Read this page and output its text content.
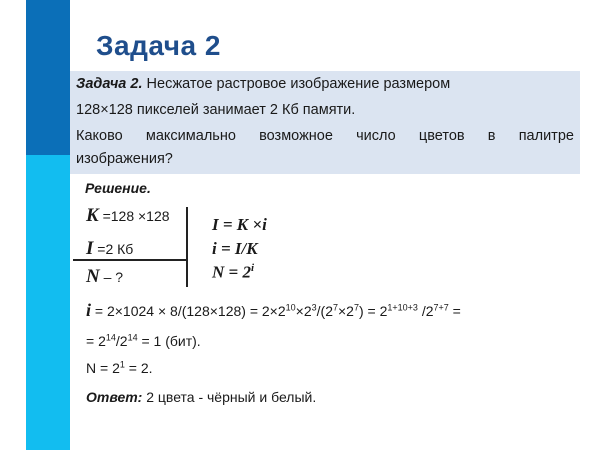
Задача 2
Задача 2. Несжатое растровое изображение размером
128×128 пикселей занимает 2 Кб памяти.
Каково максимально возможное число цветов в палитре
изображения?
Решение.
K =128 ×128
I =2 Кб
N – ?
I = K ×i
i = I/K
$N = 2^i$
$i = 2\times 1024 \times 8/(128\times 128) = 2\times 2^{10}\times 2^3/(2^7\times 2^7) = 2^{1+10+3}$ $/2^{7+7}$ =
= $2^{14}/2^{14} = 1$ (бит).
$N = 2^1 = 2$.
Ответ: 2 цвета - чёрный и белый.
